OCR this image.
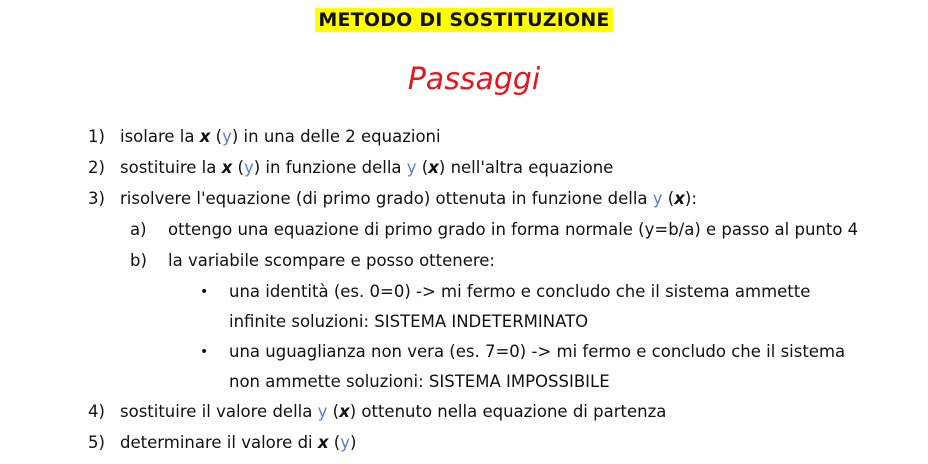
METODO DI SOSTITUZIONE
Passaggi
1) isolare la x (y) in una delle 2 equazioni
2) sostituire la x (y) in funzione della y (x) nell'altra equazione
3) risolvere l'equazione (di primo grado) ottenuta in funzione della y (x):
a) ottengo una equazione di primo grado in forma normale (y=b/a) e passo al punto 4
b) la variabile scompare e posso ottenere:
• una identità (es. 0=0) -> mi fermo e concludo che il sistema ammette
infinite soluzioni: SISTEMA INDETERMINATO
• una uguaglianza non vera (es. 7=0) -> mi fermo e concludo che il sistema
non ammette soluzioni: SISTEMA IMPOSSIBILE
4) sostituire il valore della y (x) ottenuto nella equazione di partenza
5) determinare il valore di x (y)
